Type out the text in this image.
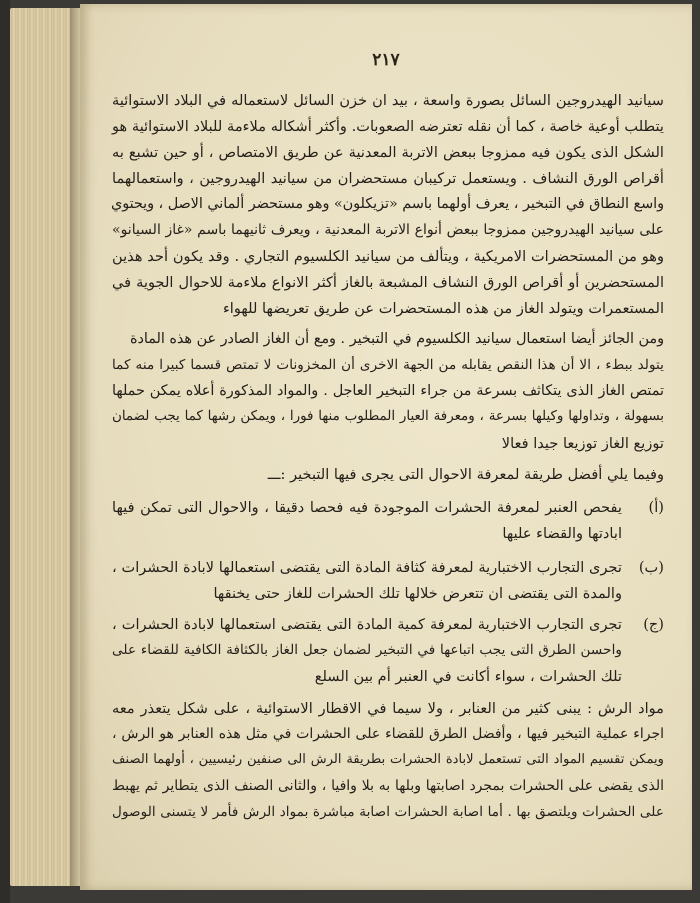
٢١٧
سيانيد الهيدروجين السائل بصورة واسعة ، بيد ان خزن السائل لاستعماله في البلاد الاستوائية
يتطلب أوعية خاصة ، كما أن نقله تعترضه الصعوبات. وأكثر أشكاله ملاءمة للبلاد الاستوائية هو
الشكل الذى يكون فيه ممزوجا ببعض الاتربة المعدنية عن طريق الامتصاص ، أو حين تشبع به
أقراص الورق النشاف . ويستعمل تركيبان مستحضران من سيانيد الهيدروجين ، واستعمالهما
واسع النطاق في التبخير ، يعرف أولهما باسم «تزيكلون» وهو مستحضر ألماني الاصل ، ويحتوي
على سيانيد الهيدروجين ممزوجا ببعض أنواع الاتربة المعدنية ، ويعرف ثانيهما باسم «غاز السيانو»
وهو من المستحضرات الامريكية ، ويتألف من سيانيد الكلسيوم التجاري . وقد يكون أحد هذين
المستحضرين أو أقراص الورق النشاف المشبعة بالغاز أكثر الانواع ملاءمة للاحوال الجوية في
المستعمرات ويتولد الغاز من هذه المستحضرات عن طريق تعريضها للهواء
ومن الجائز أيضا استعمال سيانيد الكلسيوم في التبخير . ومع أن الغاز الصادر عن هذه المادة
يتولد ببطء ، الا أن هذا النقص يقابله من الجهة الاخرى أن المخزونات لا تمتص قسما كبيرا منه كما
تمتص الغاز الذى يتكاثف بسرعة من جراء التبخير العاجل . والمواد المذكورة أعلاه يمكن حملها
بسهولة ، وتداولها وكيلها بسرعة ، ومعرفة العيار المطلوب منها فورا ، ويمكن رشها كما يجب لضمان
توزيع الغاز توزيعا جيدا فعالا
وفيما يلي أفضل طريقة لمعرفة الاحوال التى يجرى فيها التبخير :ـــ
(أ)
يفحص العنبر لمعرفة الحشرات الموجودة فيه فحصا دقيقا ، والاحوال التى تمكن فيها
ابادتها والقضاء عليها
(ب)
تجرى التجارب الاختبارية لمعرفة كثافة المادة التى يقتضى استعمالها لابادة الحشرات ،
والمدة التى يقتضى ان تتعرض خلالها تلك الحشرات للغاز حتى يخنقها
(ج)
تجرى التجارب الاختبارية لمعرفة كمية المادة التى يقتضى استعمالها لابادة الحشرات ،
واحسن الطرق التى يجب اتباعها في التبخير لضمان جعل الغاز بالكثافة الكافية للقضاء على
تلك الحشرات ، سواء أكانت في العنبر أم بين السلع
مواد الرش : يبنى كثير من العنابر ، ولا سيما في الاقطار الاستوائية ، على شكل يتعذر معه
اجراء عملية التبخير فيها ، وأفضل الطرق للقضاء على الحشرات في مثل هذه العنابر هو الرش ،
ويمكن تقسيم المواد التى تستعمل لابادة الحشرات بطريقة الرش الى صنفين رئيسيين ، أولهما الصنف
الذى يقضى على الحشرات بمجرد اصابتها وبلها به بلا وافيا ، والثانى الصنف الذى يتطاير ثم يهبط
على الحشرات ويلتصق بها . أما اصابة الحشرات اصابة مباشرة بمواد الرش فأمر لا يتسنى الوصول
